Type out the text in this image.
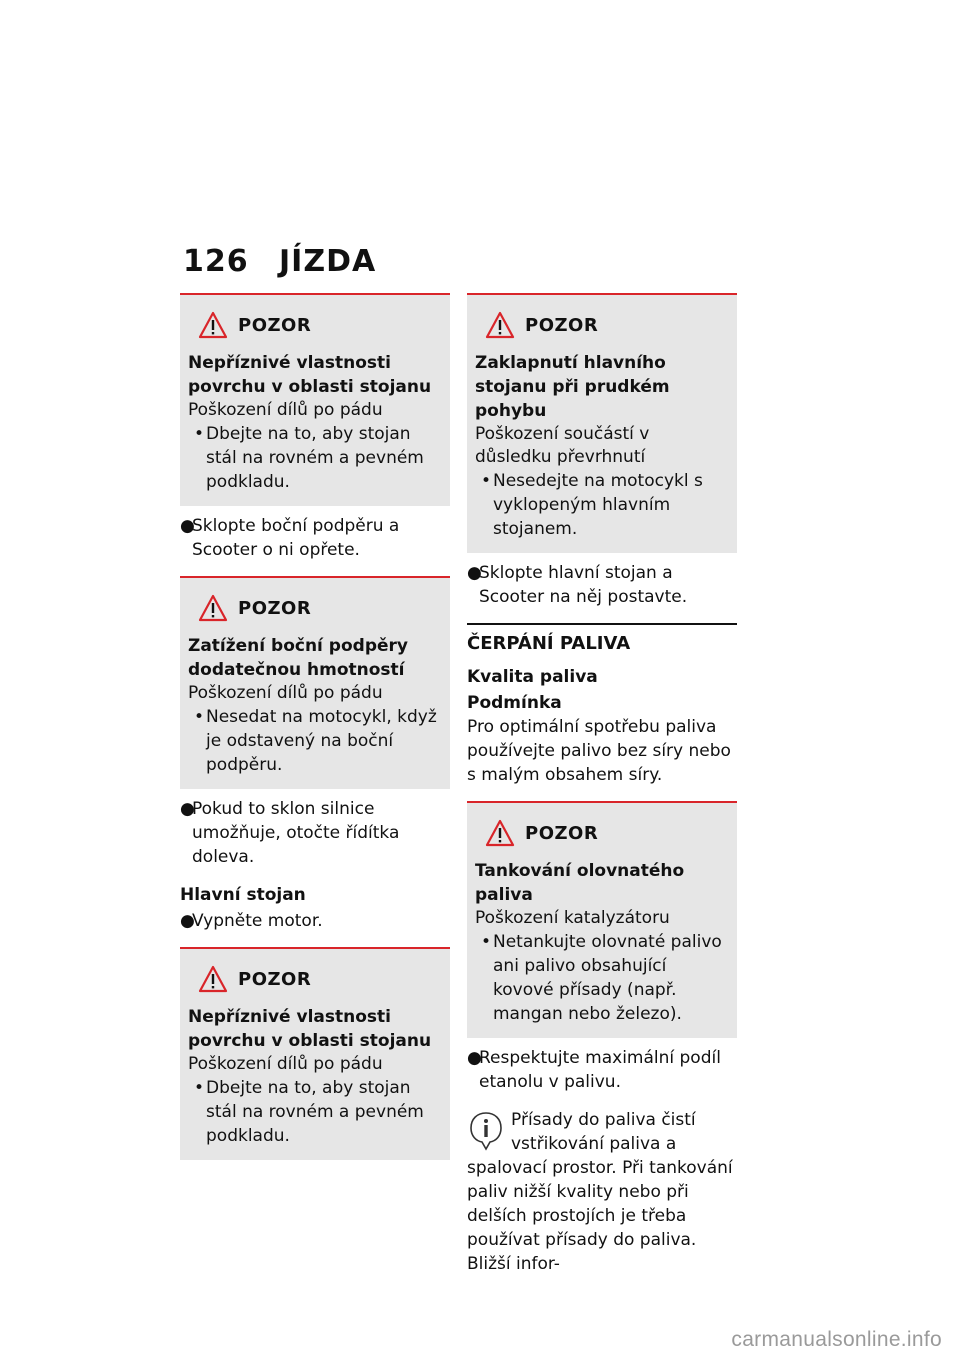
126 JÍZDA
POZOR
Nepříznivé vlastnosti povrchu v oblasti stojanu
Poškození dílů po pádu
• Dbejte na to, aby stojan stál na rovném a pevném podkladu.
●Sklopte boční podpěru a Scooter o ni opřete.
POZOR
Zatížení boční podpěry dodatečnou hmotností
Poškození dílů po pádu
• Nesedat na motocykl, když je odstavený na boční podpěru.
●Pokud to sklon silnice umožňuje, otočte řídítka doleva.
Hlavní stojan
●Vypněte motor.
POZOR
Nepříznivé vlastnosti povrchu v oblasti stojanu
Poškození dílů po pádu
• Dbejte na to, aby stojan stál na rovném a pevném podkladu.
POZOR
Zaklapnutí hlavního stojanu při prudkém pohybu
Poškození součástí v důsledku převrhnutí
• Nesedejte na motocykl s vyklopeným hlavním stojanem.
●Sklopte hlavní stojan a Scooter na něj postavte.
ČERPÁNÍ PALIVA
Kvalita paliva
Podmínka
Pro optimální spotřebu paliva používejte palivo bez síry nebo s malým obsahem síry.
POZOR
Tankování olovnatého paliva
Poškození katalyzátoru
• Netankujte olovnaté palivo ani palivo obsahující kovové přísady (např. mangan nebo železo).
●Respektujte maximální podíl etanolu v palivu.
Přísady do paliva čistí vstřikování paliva a spalovací prostor. Při tankování paliv nižší kvality nebo při delších prostojích je třeba používat přísady do paliva. Bližší infor-
carmanualsonline.info
